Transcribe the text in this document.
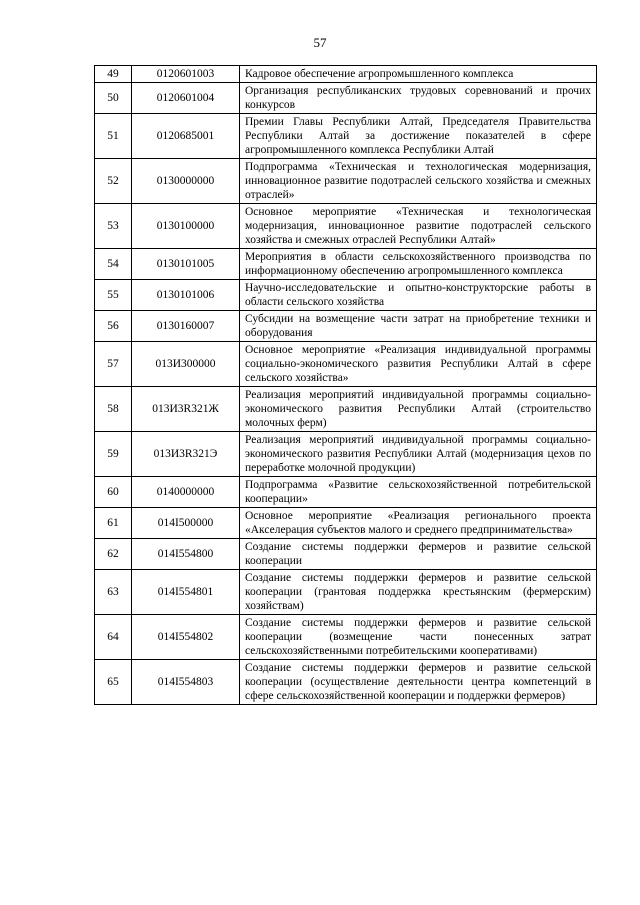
57
49	0120601003	Кадровое обеспечение агропромышленного комплекса
50	0120601004	Организация республиканских трудовых соревнований и прочих конкурсов
51	0120685001	Премии Главы Республики Алтай, Председателя Правительства Республики Алтай за достижение показателей в сфере агропромышленного комплекса Республики Алтай
52	0130000000	Подпрограмма «Техническая и технологическая модернизация, инновационное развитие подотраслей сельского хозяйства и смежных отраслей»
53	0130100000	Основное мероприятие «Техническая и технологическая модернизация, инновационное развитие подотраслей сельского хозяйства и смежных отраслей Республики Алтай»
54	0130101005	Мероприятия в области сельскохозяйственного производства по информационному обеспечению агропромышленного комплекса
55	0130101006	Научно-исследовательские и опытно-конструкторские работы в области сельского хозяйства
56	0130160007	Субсидии на возмещение части затрат на приобретение техники и оборудования
57	013И300000	Основное мероприятие «Реализация индивидуальной программы социально-экономического развития Республики Алтай в сфере сельского хозяйства»
58	013И3R321Ж	Реализация мероприятий индивидуальной программы социально-экономического развития Республики Алтай (строительство молочных ферм)
59	013И3R321Э	Реализация мероприятий индивидуальной программы социально-экономического развития Республики Алтай (модернизация цехов по переработке молочной продукции)
60	0140000000	Подпрограмма «Развитие сельскохозяйственной потребительской кооперации»
61	014I500000	Основное мероприятие «Реализация регионального проекта «Акселерация субъектов малого и среднего предпринимательства»
62	014I554800	Создание системы поддержки фермеров и развитие сельской кооперации
63	014I554801	Создание системы поддержки фермеров и развитие сельской кооперации (грантовая поддержка крестьянским (фермерским) хозяйствам)
64	014I554802	Создание системы поддержки фермеров и развитие сельской кооперации (возмещение части понесенных затрат сельскохозяйственными потребительскими кооперативами)
65	014I554803	Создание системы поддержки фермеров и развитие сельской кооперации (осуществление деятельности центра компетенций в сфере сельскохозяйственной кооперации и поддержки фермеров)
